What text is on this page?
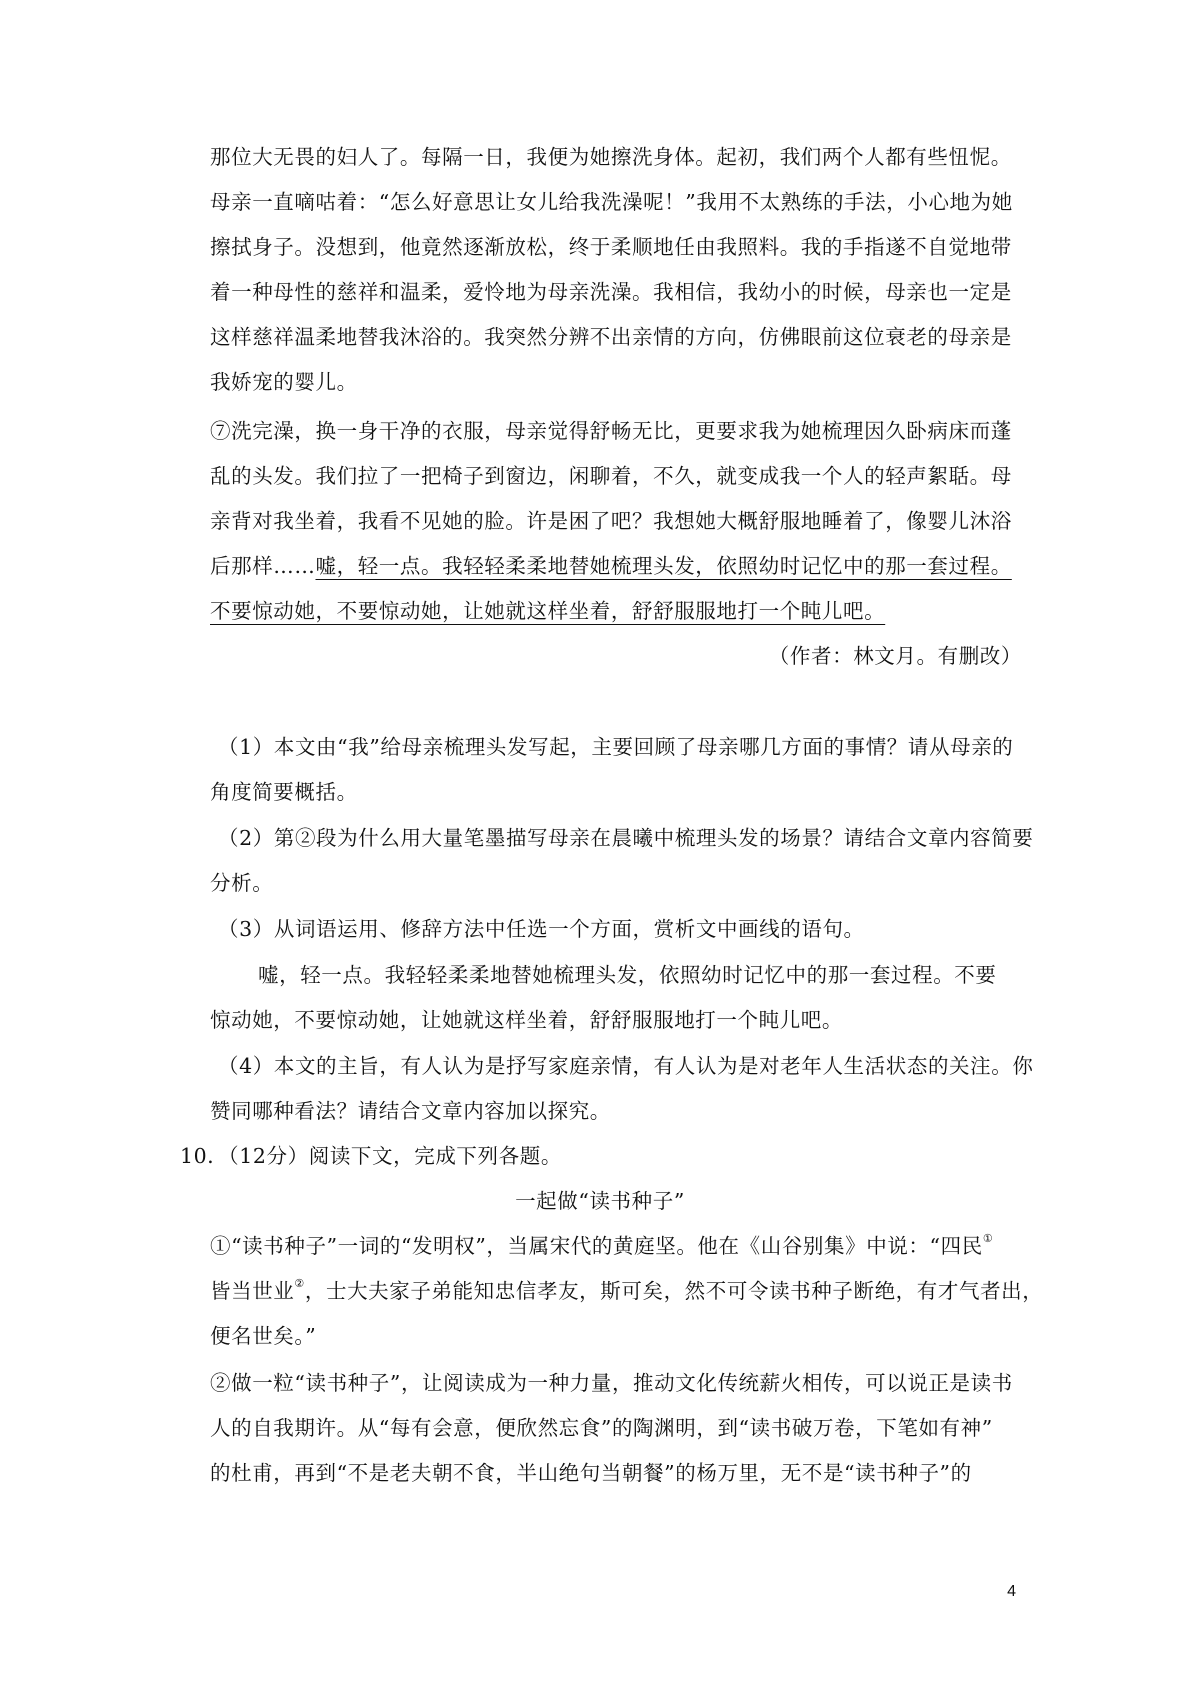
那位大无畏的妇人了。每隔一日，我便为她擦洗身体。起初，我们两个人都有些忸怩。
母亲一直嘀咕着：“怎么好意思让女儿给我洗澡呢！”我用不太熟练的手法，小心地为她
擦拭身子。没想到，他竟然逐渐放松，终于柔顺地任由我照料。我的手指遂不自觉地带
着一种母性的慈祥和温柔，爱怜地为母亲洗澡。我相信，我幼小的时候，母亲也一定是
这样慈祥温柔地替我沐浴的。我突然分辨不出亲情的方向，仿佛眼前这位衰老的母亲是
我娇宠的婴儿。
⑦洗完澡，换一身干净的衣服，母亲觉得舒畅无比，更要求我为她梳理因久卧病床而蓬
乱的头发。我们拉了一把椅子到窗边，闲聊着，不久，就变成我一个人的轻声絮聒。母
亲背对我坐着，我看不见她的脸。许是困了吧？我想她大概舒服地睡着了，像婴儿沐浴
后那样……嘘，轻一点。我轻轻柔柔地替她梳理头发，依照幼时记忆中的那一套过程。
不要惊动她，不要惊动她，让她就这样坐着，舒舒服服地打一个盹儿吧。
（作者：林文月。有删改）
（1）本文由“我”给母亲梳理头发写起，主要回顾了母亲哪几方面的事情？请从母亲的
角度简要概括。
（2）第②段为什么用大量笔墨描写母亲在晨曦中梳理头发的场景？请结合文章内容简要
分析。
（3）从词语运用、修辞方法中任选一个方面，赏析文中画线的语句。
嘘，轻一点。我轻轻柔柔地替她梳理头发，依照幼时记忆中的那一套过程。不要
惊动她，不要惊动她，让她就这样坐着，舒舒服服地打一个盹儿吧。
（4）本文的主旨，有人认为是抒写家庭亲情，有人认为是对老年人生活状态的关注。你
赞同哪种看法？请结合文章内容加以探究。
10．（12分）阅读下文，完成下列各题。
一起做“读书种子”
①“读书种子”一词的“发明权”，当属宋代的黄庭坚。他在《山谷别集》中说：“四民①
皆当世业②，士大夫家子弟能知忠信孝友，斯可矣，然不可令读书种子断绝，有才气者出，
便名世矣。”
②做一粒“读书种子”，让阅读成为一种力量，推动文化传统薪火相传，可以说正是读书
人的自我期许。从“每有会意，便欣然忘食”的陶渊明，到“读书破万卷，下笔如有神”
的杜甫，再到“不是老夫朝不食，半山绝句当朝餐”的杨万里，无不是“读书种子”的
4
